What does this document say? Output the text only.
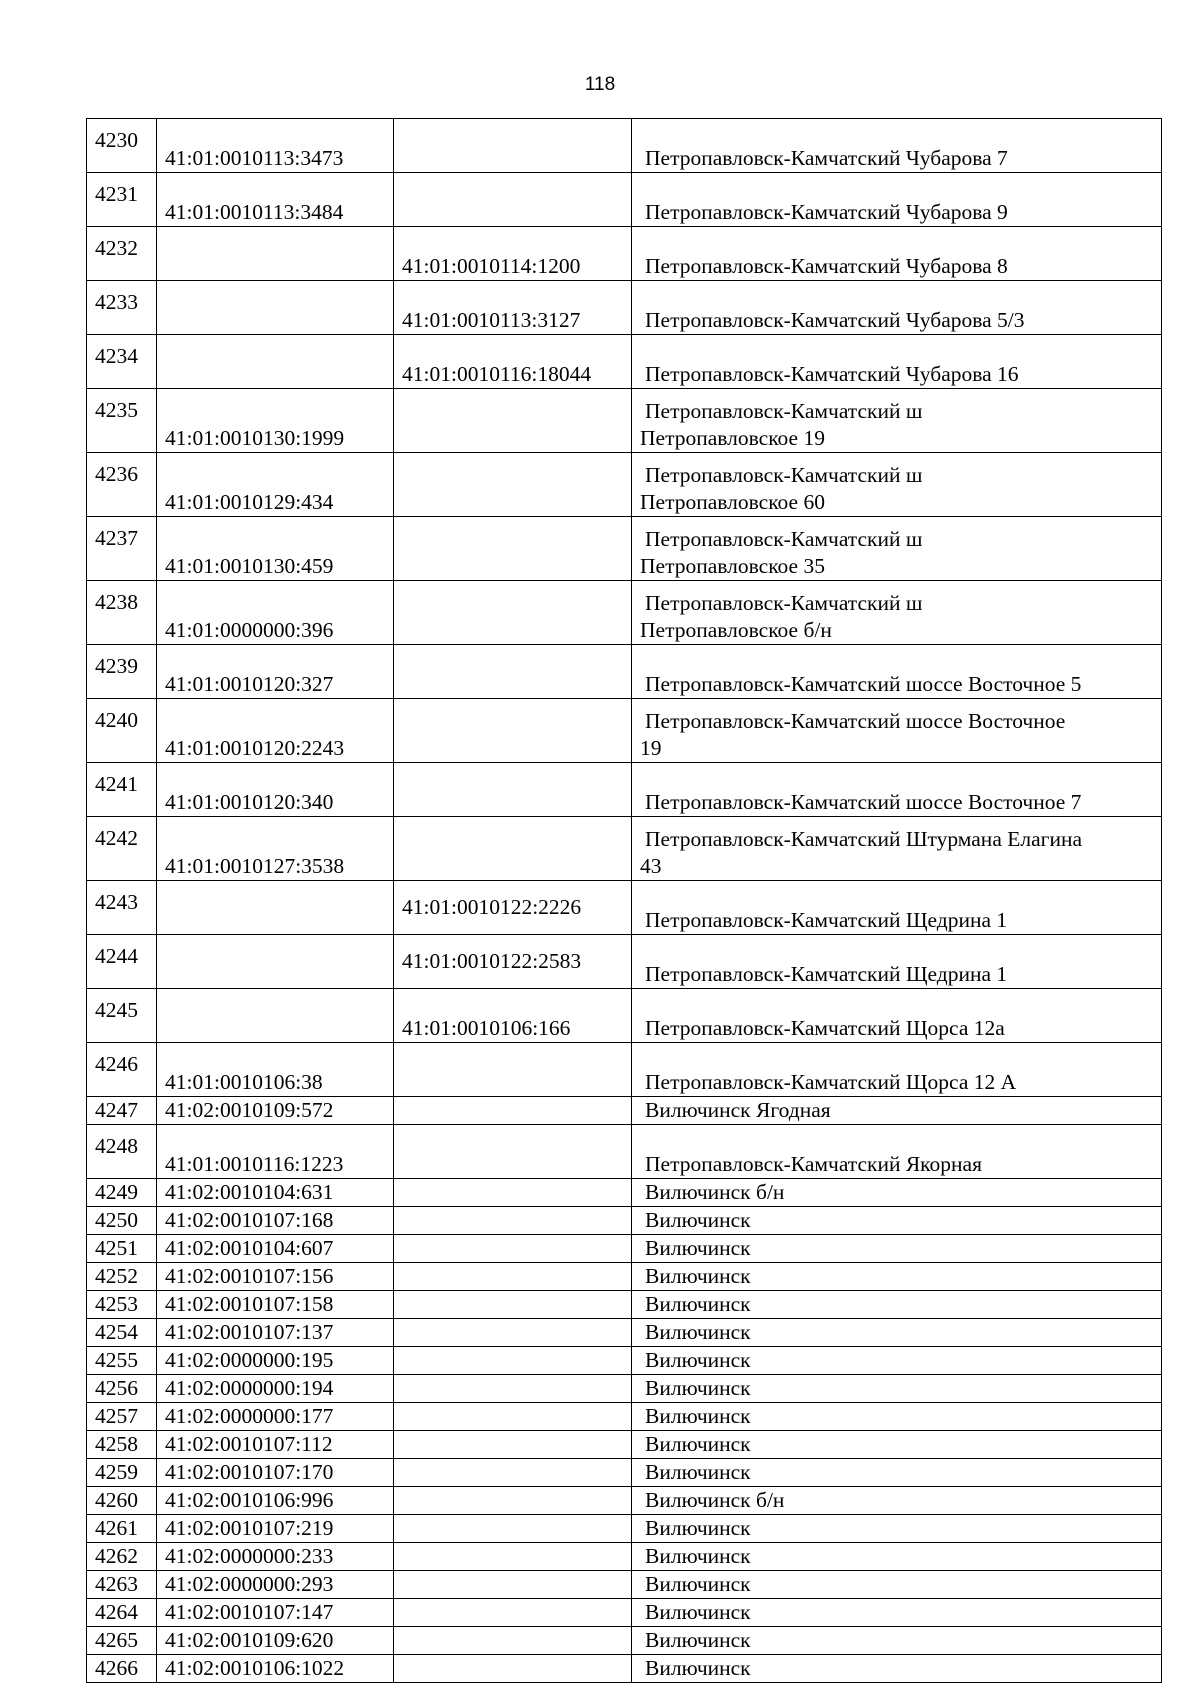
118
4230	41:01:0010113:3473		Петропавловск-Камчатский Чубарова 7

4231	41:01:0010113:3484		Петропавловск-Камчатский Чубарова 9

4232		41:01:0010114:1200	Петропавловск-Камчатский Чубарова 8

4233		41:01:0010113:3127	Петропавловск-Камчатский Чубарова 5/3

4234		41:01:0010116:18044	Петропавловск-Камчатский Чубарова 16

4235	41:01:0010130:1999		Петропавловск-Камчатский ш
Петропавловское 19

4236	41:01:0010129:434		Петропавловск-Камчатский ш
Петропавловское 60

4237	41:01:0010130:459		Петропавловск-Камчатский ш
Петропавловское 35

4238	41:01:0000000:396		Петропавловск-Камчатский ш
Петропавловское б/н

4239	41:01:0010120:327		Петропавловск-Камчатский шоссе Восточное 5

4240	41:01:0010120:2243		Петропавловск-Камчатский шоссе Восточное
19

4241	41:01:0010120:340		Петропавловск-Камчатский шоссе Восточное 7

4242	41:01:0010127:3538		Петропавловск-Камчатский Штурмана Елагина
43

4243		41:01:0010122:2226	Петропавловск-Камчатский Щедрина 1

4244		41:01:0010122:2583	Петропавловск-Камчатский Щедрина 1

4245		41:01:0010106:166	Петропавловск-Камчатский Щорса 12а

4246	41:01:0010106:38		Петропавловск-Камчатский Щорса 12 А

4247	41:02:0010109:572		Вилючинск Ягодная

4248	41:01:0010116:1223		Петропавловск-Камчатский Якорная

4249	41:02:0010104:631		Вилючинск б/н

4250	41:02:0010107:168		Вилючинск

4251	41:02:0010104:607		Вилючинск

4252	41:02:0010107:156		Вилючинск

4253	41:02:0010107:158		Вилючинск

4254	41:02:0010107:137		Вилючинск

4255	41:02:0000000:195		Вилючинск

4256	41:02:0000000:194		Вилючинск

4257	41:02:0000000:177		Вилючинск

4258	41:02:0010107:112		Вилючинск

4259	41:02:0010107:170		Вилючинск

4260	41:02:0010106:996		Вилючинск б/н

4261	41:02:0010107:219		Вилючинск

4262	41:02:0000000:233		Вилючинск

4263	41:02:0000000:293		Вилючинск

4264	41:02:0010107:147		Вилючинск

4265	41:02:0010109:620		Вилючинск

4266	41:02:0010106:1022		Вилючинск
